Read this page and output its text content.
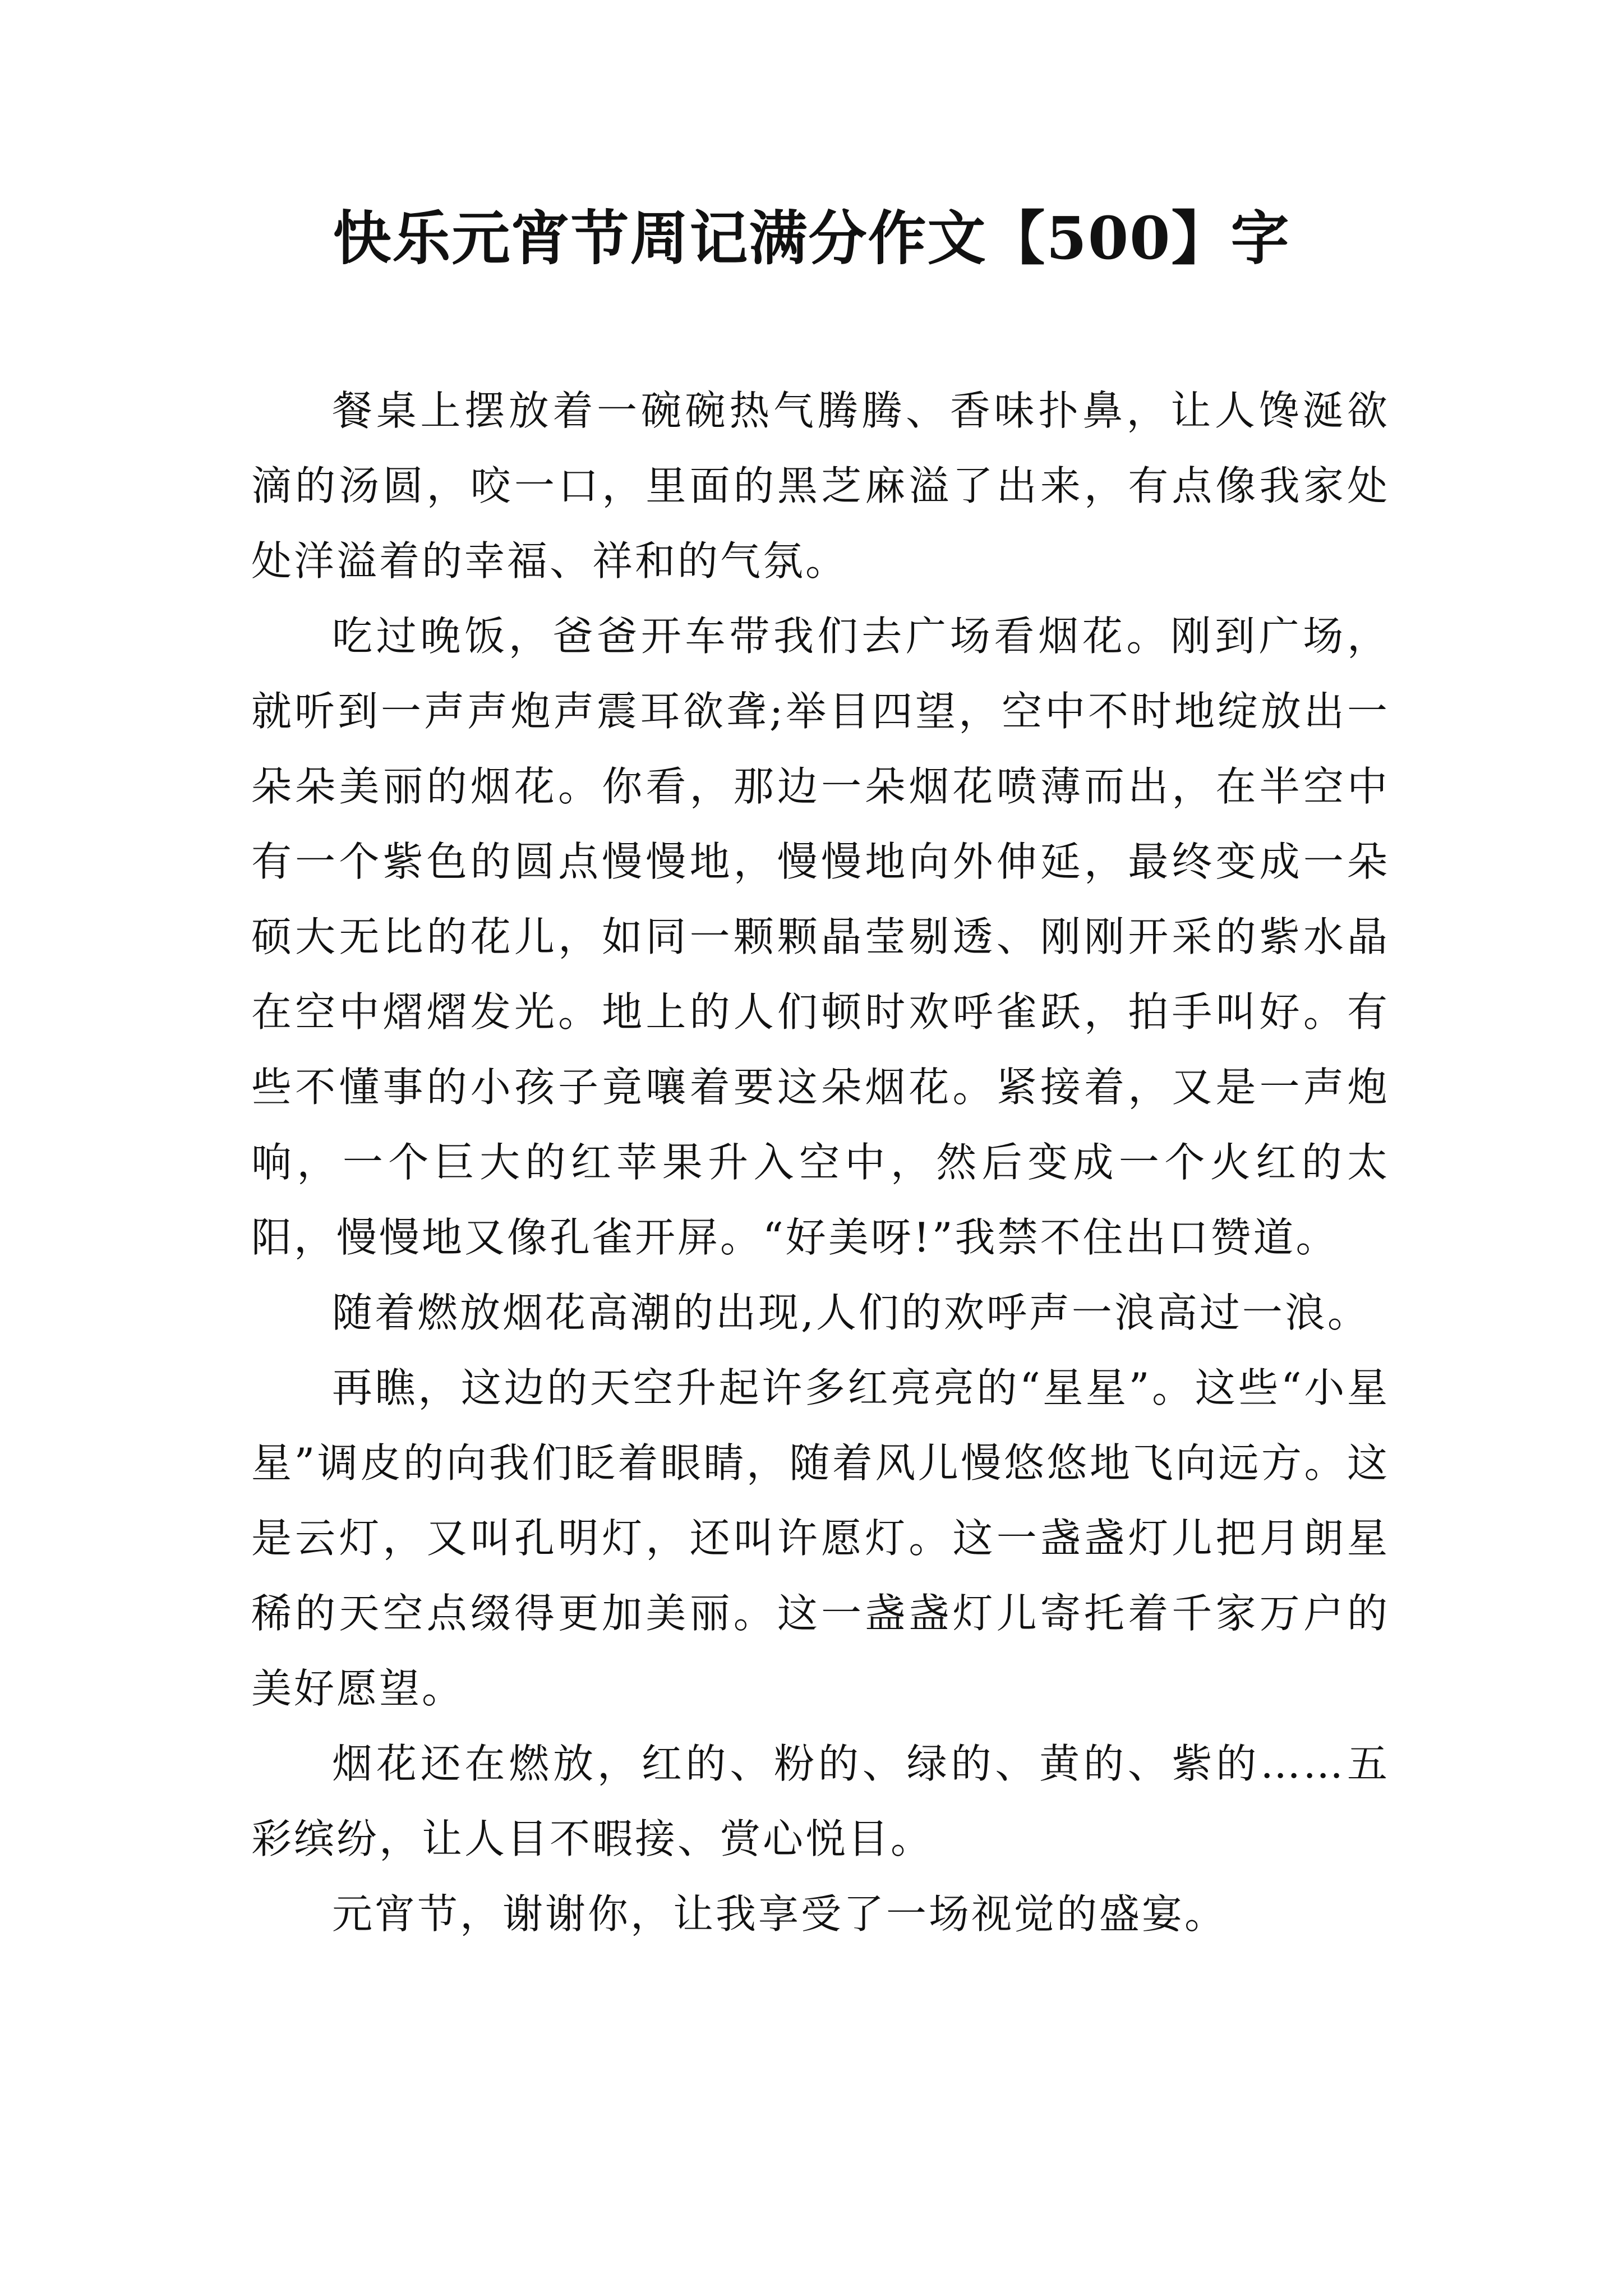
快乐元宵节周记满分作文【500】字

餐桌上摆放着一碗碗热气腾腾、香味扑鼻，让人馋涎欲滴的汤圆，咬一口，里面的黑芝麻溢了出来，有点像我家处处洋溢着的幸福、祥和的气氛。

吃过晚饭，爸爸开车带我们去广场看烟花。刚到广场，就听到一声声炮声震耳欲聋;举目四望，空中不时地绽放出一朵朵美丽的烟花。你看，那边一朵烟花喷薄而出，在半空中有一个紫色的圆点慢慢地，慢慢地向外伸延，最终变成一朵硕大无比的花儿，如同一颗颗晶莹剔透、刚刚开采的紫水晶在空中熠熠发光。地上的人们顿时欢呼雀跃，拍手叫好。有些不懂事的小孩子竟嚷着要这朵烟花。紧接着，又是一声炮响，一个巨大的红苹果升入空中，然后变成一个火红的太阳，慢慢地又像孔雀开屏。“好美呀!”我禁不住出口赞道。

随着燃放烟花高潮的出现,人们的欢呼声一浪高过一浪。

再瞧，这边的天空升起许多红亮亮的“星星”。这些“小星星”调皮的向我们眨着眼睛，随着风儿慢悠悠地飞向远方。这是云灯，又叫孔明灯，还叫许愿灯。这一盏盏灯儿把月朗星稀的天空点缀得更加美丽。这一盏盏灯儿寄托着千家万户的美好愿望。

烟花还在燃放，红的、粉的、绿的、黄的、紫的……五彩缤纷，让人目不暇接、赏心悦目。

元宵节，谢谢你，让我享受了一场视觉的盛宴。
